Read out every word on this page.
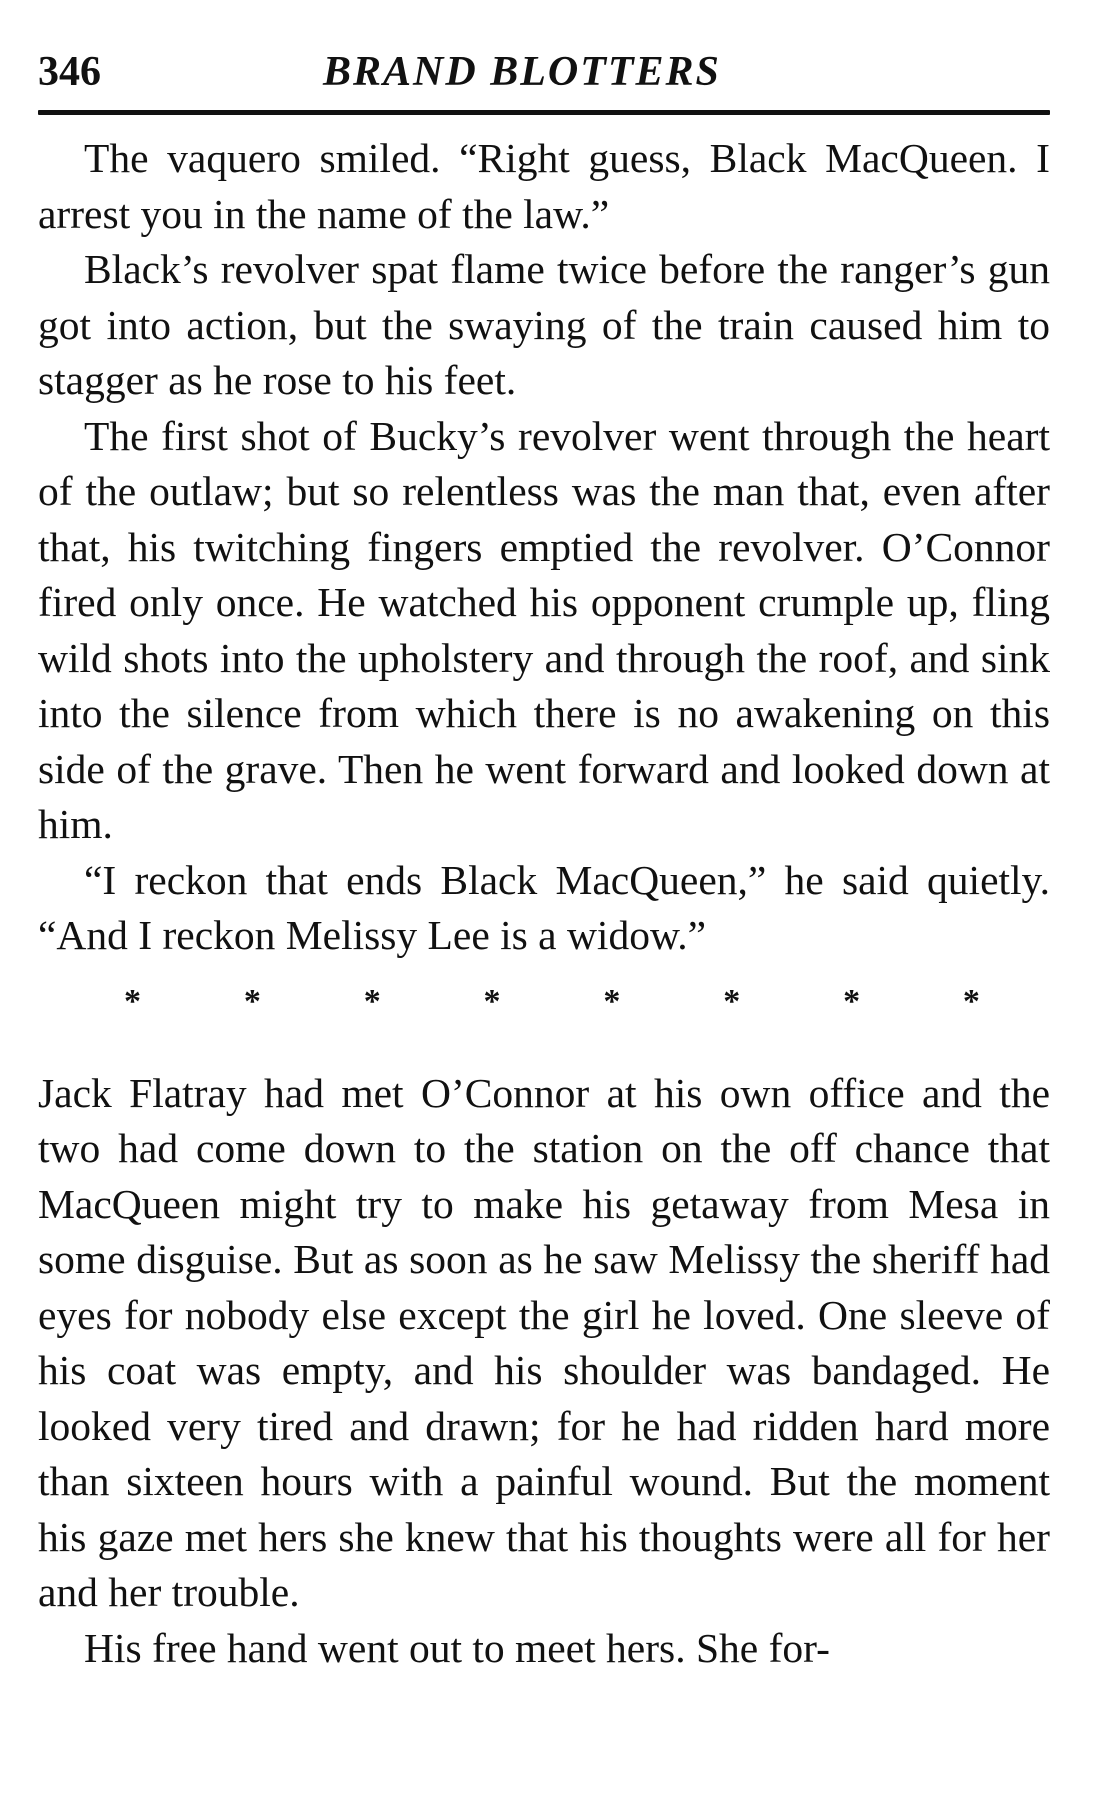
346	BRAND BLOTTERS

The vaquero smiled. “Right guess, Black MacQueen. I arrest you in the name of the law.”

Black’s revolver spat flame twice before the ranger’s gun got into action, but the swaying of the train caused him to stagger as he rose to his feet.

The first shot of Bucky’s revolver went through the heart of the outlaw; but so relentless was the man that, even after that, his twitching fingers emptied the revolver. O’Connor fired only once. He watched his opponent crumple up, fling wild shots into the upholstery and through the roof, and sink into the silence from which there is no awakening on this side of the grave. Then he went forward and looked down at him.

“I reckon that ends Black MacQueen,” he said quietly. “And I reckon Melissy Lee is a widow.”

*	*	*	*	*	*	*	*

Jack Flatray had met O’Connor at his own office and the two had come down to the station on the off chance that MacQueen might try to make his getaway from Mesa in some disguise. But as soon as he saw Melissy the sheriff had eyes for nobody else except the girl he loved. One sleeve of his coat was empty, and his shoulder was bandaged. He looked very tired and drawn; for he had ridden hard more than sixteen hours with a painful wound. But the moment his gaze met hers she knew that his thoughts were all for her and her trouble.

His free hand went out to meet hers. She for-
